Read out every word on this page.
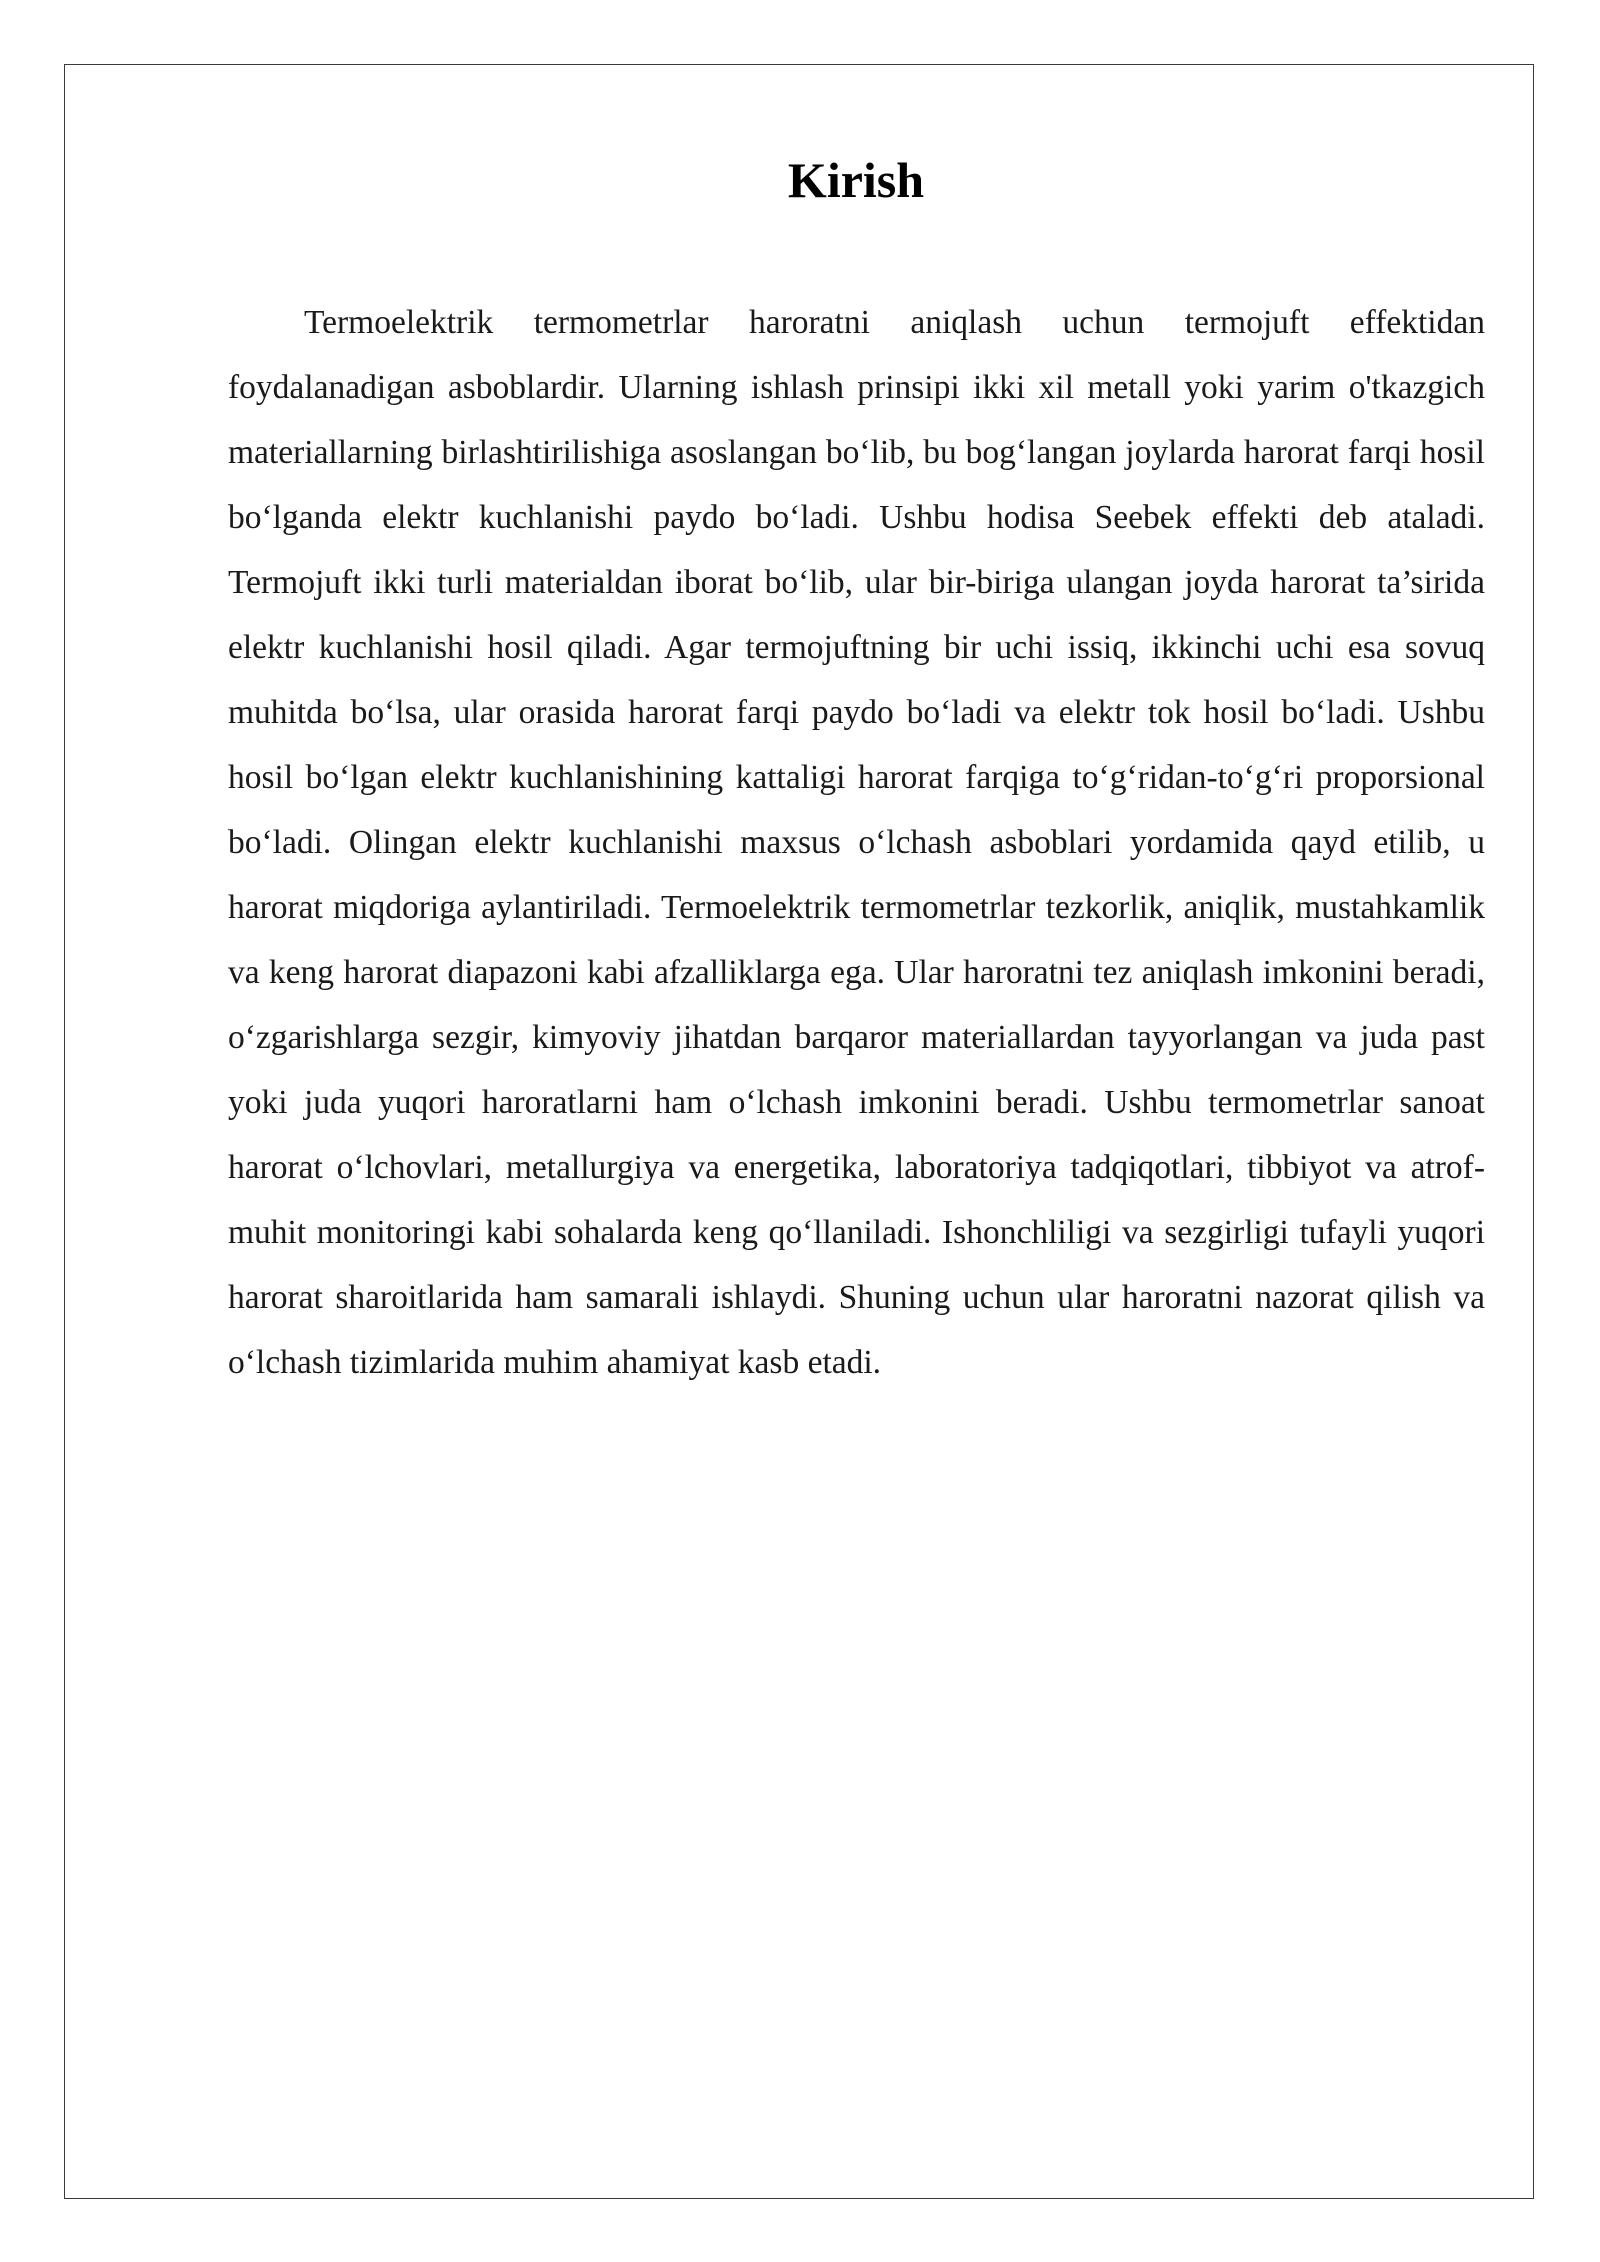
Kirish

Termoelektrik termometrlar haroratni aniqlash uchun termojuft effektidan foydalanadigan asboblardir. Ularning ishlash prinsipi ikki xil metall yoki yarim o'tkazgich materiallarning birlashtirilishiga asoslangan bo‘lib, bu bog‘langan joylarda harorat farqi hosil bo‘lganda elektr kuchlanishi paydo bo‘ladi. Ushbu hodisa Seebek effekti deb ataladi. Termojuft ikki turli materialdan iborat bo‘lib, ular bir-biriga ulangan joyda harorat ta’sirida elektr kuchlanishi hosil qiladi. Agar termojuftning bir uchi issiq, ikkinchi uchi esa sovuq muhitda bo‘lsa, ular orasida harorat farqi paydo bo‘ladi va elektr tok hosil bo‘ladi. Ushbu hosil bo‘lgan elektr kuchlanishining kattaligi harorat farqiga to‘g‘ridan-to‘g‘ri proporsional bo‘ladi. Olingan elektr kuchlanishi maxsus o‘lchash asboblari yordamida qayd etilib, u harorat miqdoriga aylantiriladi. Termoelektrik termometrlar tezkorlik, aniqlik, mustahkamlik va keng harorat diapazoni kabi afzalliklarga ega. Ular haroratni tez aniqlash imkonini beradi, o‘zgarishlarga sezgir, kimyoviy jihatdan barqaror materiallardan tayyorlangan va juda past yoki juda yuqori haroratlarni ham o‘lchash imkonini beradi. Ushbu termometrlar sanoat harorat o‘lchovlari, metallurgiya va energetika, laboratoriya tadqiqotlari, tibbiyot va atrof-muhit monitoringi kabi sohalarda keng qo‘llaniladi. Ishonchliligi va sezgirligi tufayli yuqori harorat sharoitlarida ham samarali ishlaydi. Shuning uchun ular haroratni nazorat qilish va o‘lchash tizimlarida muhim ahamiyat kasb etadi.
